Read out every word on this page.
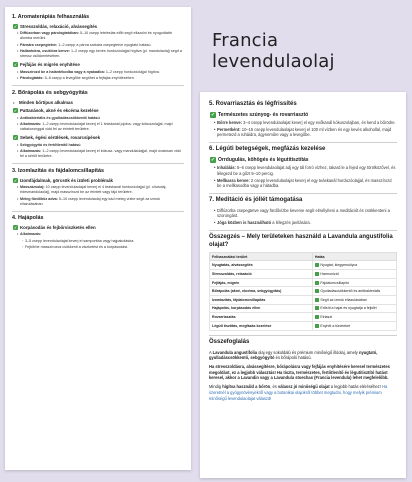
Francia levendulaolaj
1. Aromaterápiás felhasználás
✓ Stresszoldás, relaxáció, alvássegítés
• Diffúzorban vagy párologtatóban: 5–10 csepp leteleslás előtt segít ellazulni és nyugodtabb álomba merülni.
• Párnára csepegtetve: 1–2 csepp a párna sarkára csepegtetve nyugtató hatású.
• Hallantokra, csuklóra kenve: 1–2 csepp egy kevés hordozóolajjal hígítva (pl. mandulaolaj) segít a stressz csökkentésében.
✓ Fejfájás és migrén enyhítése
• Masszírozd be a halántékodba vagy a nyakadba: 1–2 csepp hordozóolajjal hígítva.
• Párologtatás: 5–6 csepp a levegőbe segíthet a fejfájás enyhítésében.
2. Bőrápolás és sebgyógyítás
•	Minden bőrtípus alkalmas
✓ Pattanások, akné és ekcéma kezelése
• Antibakteriális és gyulladáscsökkentő hatású
• Alkalmazás: 1–2 csepp levendulaolajat keverj el 1 teáskanál jojoba- vagy kókuszolajjal, majd vattakoronggal vidd fel az érintett területre.
✓ Sebek, égési sérülések, rovarcsípések
• Sebgyógyító és fertőtlenítő hatású
• Alkalmazás: 1–2 csepp levendulaolajat keverj el kókusz- vagy mandulaolajjal, majd óvatosan vidd fel a sérült területre.
3. Izomlazítás és fájdalomcsillapítás
✓ Izomfájdalmak, görcsök és izületi problémák
• Masszázsolaj: 10 csepp levendulaolajat keverj el 4 teáskanál hordozóolajjal (pl. olívaolaj, édesmandulaolaj), majd masszírozd be az érintett vagy fájó területre.
• Meleg fürdőhöz adva: 5–10 csepp levendulaolaj egy kád meleg vízbe segít az izmok ellazulásában.
4. Hajápolás
✓ Korpásodás és fejbőrviszketés ellen
• Alkalmazás:
◦ 3–5 csepp levendulaolajat keverj el sampontba vagy hajpakolásba.
◦ Fejbőrbe masszírozva csökkenti a viszketést és a korpásodást.
5. Rovarriasztás és légfrissítés
✓ Természetes szúnyog- és rovarriasztó
• Bőrre kenve: 3–4 csepp levendulaolajat keverj el egy evőkanál kókuszolajban, és kend a bőrödre.
• Permetként: 10–15 csepp levendulaolajat keverj el 100 ml vízben és egy kevés alkohollal, majd permetezd a ruháidra, ágyneműre vagy a levegőbe.
6. Légúti betegségek, megfázás kezelése
✓ Orrdugulás, köhögés és légutitisztítás
• Inhalálás: 5–6 csepp levendulaolajat adj egy tál forró vízhez, takard le a fejed egy törölközővel, és lélegezd be a gőzt 5–10 percig.
• Mellkasra kenve: 2 csepp levendulaolajat keverj el egy teáskanál hordozóolajjal, és masszírozd be a mellkasodba vagy a hátadba.
7. Meditáció és jóllét támogatása
• Diffúzorba csepegtetve vagy fürdővízbe keverve segít elmélyíteni a meditációt és csökkenteni a szorongást.
• Jóga közben is használható a lélegzés javítására.
Összegzés – Mely területeken használd a Lavandula angustifolia olajat?
Felhasználási terület	Hatás
Nyugtatás, alvássegítés	Nyugtat, kiegyensúlyoz
Stresszoldás, relaxáció	Harmonizál
Fejfájás, migrén	Fájdalomcsillapító
Bőrápolás (akné, ekcéma, sebgyógyítás)	Gyulladáscsökkentő és antibakteriális
Izomlazítás, fájdalomcsillapítás	Segít az izmok ellazulásában
Hajápolás, korpásodás ellen	Erősíti a hajat és nyugtatja a fejbőrt
Rovarriasztás	Elriaszt
Légúti tisztítás, megfázás kezelése	Enyhíti a tüneteket
Összefoglalás
A Lavandula angustifolia olaj egy sokoldalú és prémium minőségű illóolaj, amely nyugtató, gyulladáscsökkentő, sebgyógyító és bőrápoló hatású.
Ha stresszoldásra, alvássegítésre, bőrápolásra vagy fejfájás enyhítésére keresel természetes megoldást, ez a legjobb választás! Ha tiszta, természetes, fertőtlenítő és légutitisztító hatást keresel, akkor a Lavandin vagy a Lavandula stoechas (Francia levendula) lehet megfelelőbb.
Mindig hígítva használd a bőrön, és válassz jó minőségű olajat a legjobb hatás eléréséhez! Ha szeretnél a gyógynövényekről vagy a botanikai olajokról többet megtudni, hogy melyik prémium minőségű levendulaolajat válaszd!
